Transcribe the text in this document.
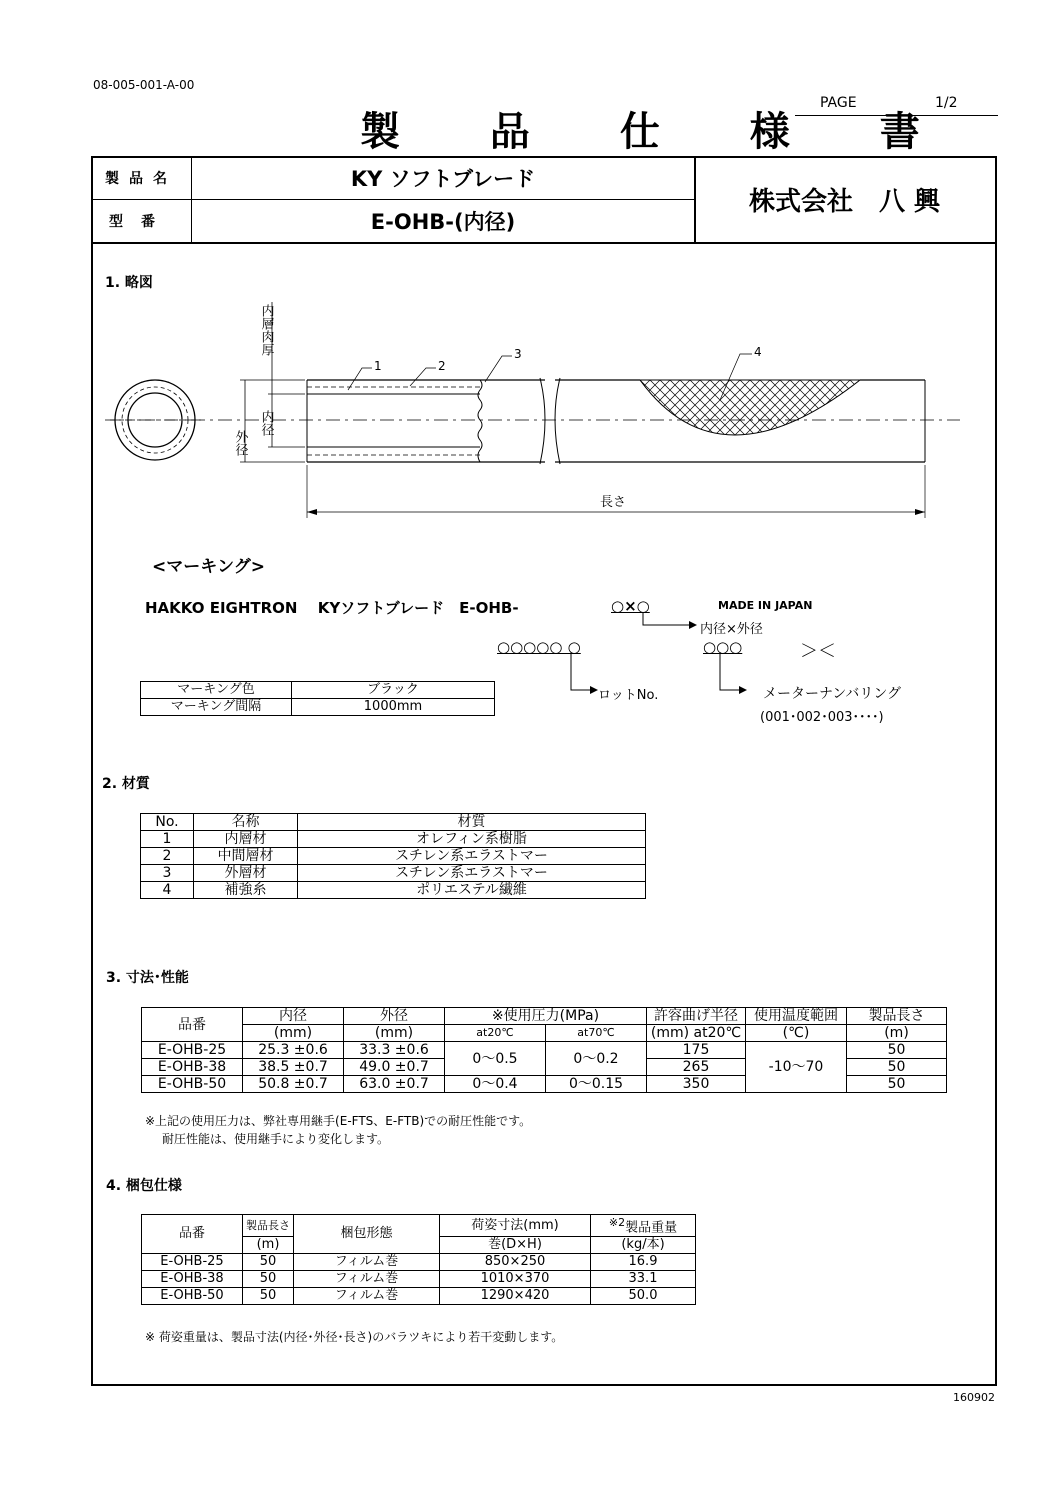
08-005-001-A-00
製 品 仕 様 書
PAGE	1/2
製品名	KY ソフトブレード
型番	E-OHB-(内径)
株式会社　八 興
1. 略図
外径
内径
内層肉厚
1	2
3	4
長さ
<マーキング>
HAKKO EIGHTRON　 KYソフトブレード　E-OHB-	○×○	MADE IN JAPAN
内径×外径
○○○○○ ○	○○○	＞＜
ロットNo.	メーターナンバリング
(001･002･003････)
マーキング色	ブラック
マーキング間隔	1000mm
2. 材質
No.	名称	材質
1	内層材	オレフィン系樹脂
2	中間層材	スチレン系エラストマー
3	外層材	スチレン系エラストマー
4	補強糸	ポリエステル繊維
3. 寸法･性能
品番	内径	外径	※使用圧力(MPa)		許容曲げ半径	使用温度範囲	製品長さ
	(mm)	(mm)	at20℃	at70℃	(mm) at20℃	(℃)	(m)
E-OHB-25	25.3 ±0.6	33.3 ±0.6	0～0.5	0～0.2	175	-10～70	50
E-OHB-38	38.5 ±0.7	49.0 ±0.7			265		50
E-OHB-50	50.8 ±0.7	63.0 ±0.7	0～0.4	0～0.15	350		50
※上記の使用圧力は、弊社専用継手(E-FTS、E-FTB)での耐圧性能です。
耐圧性能は、使用継手により変化します。
4. 梱包仕様
品番	製品長さ	梱包形態	荷姿寸法(mm)	$^{※2}$製品重量
	(m)		巻(D×H)	(kg/本)
E-OHB-25	50	フィルム巻	850×250	16.9
E-OHB-38	50	フィルム巻	1010×370	33.1
E-OHB-50	50	フィルム巻	1290×420	50.0
※ 荷姿重量は、製品寸法(内径･外径･長さ)のバラツキにより若干変動します。
160902
